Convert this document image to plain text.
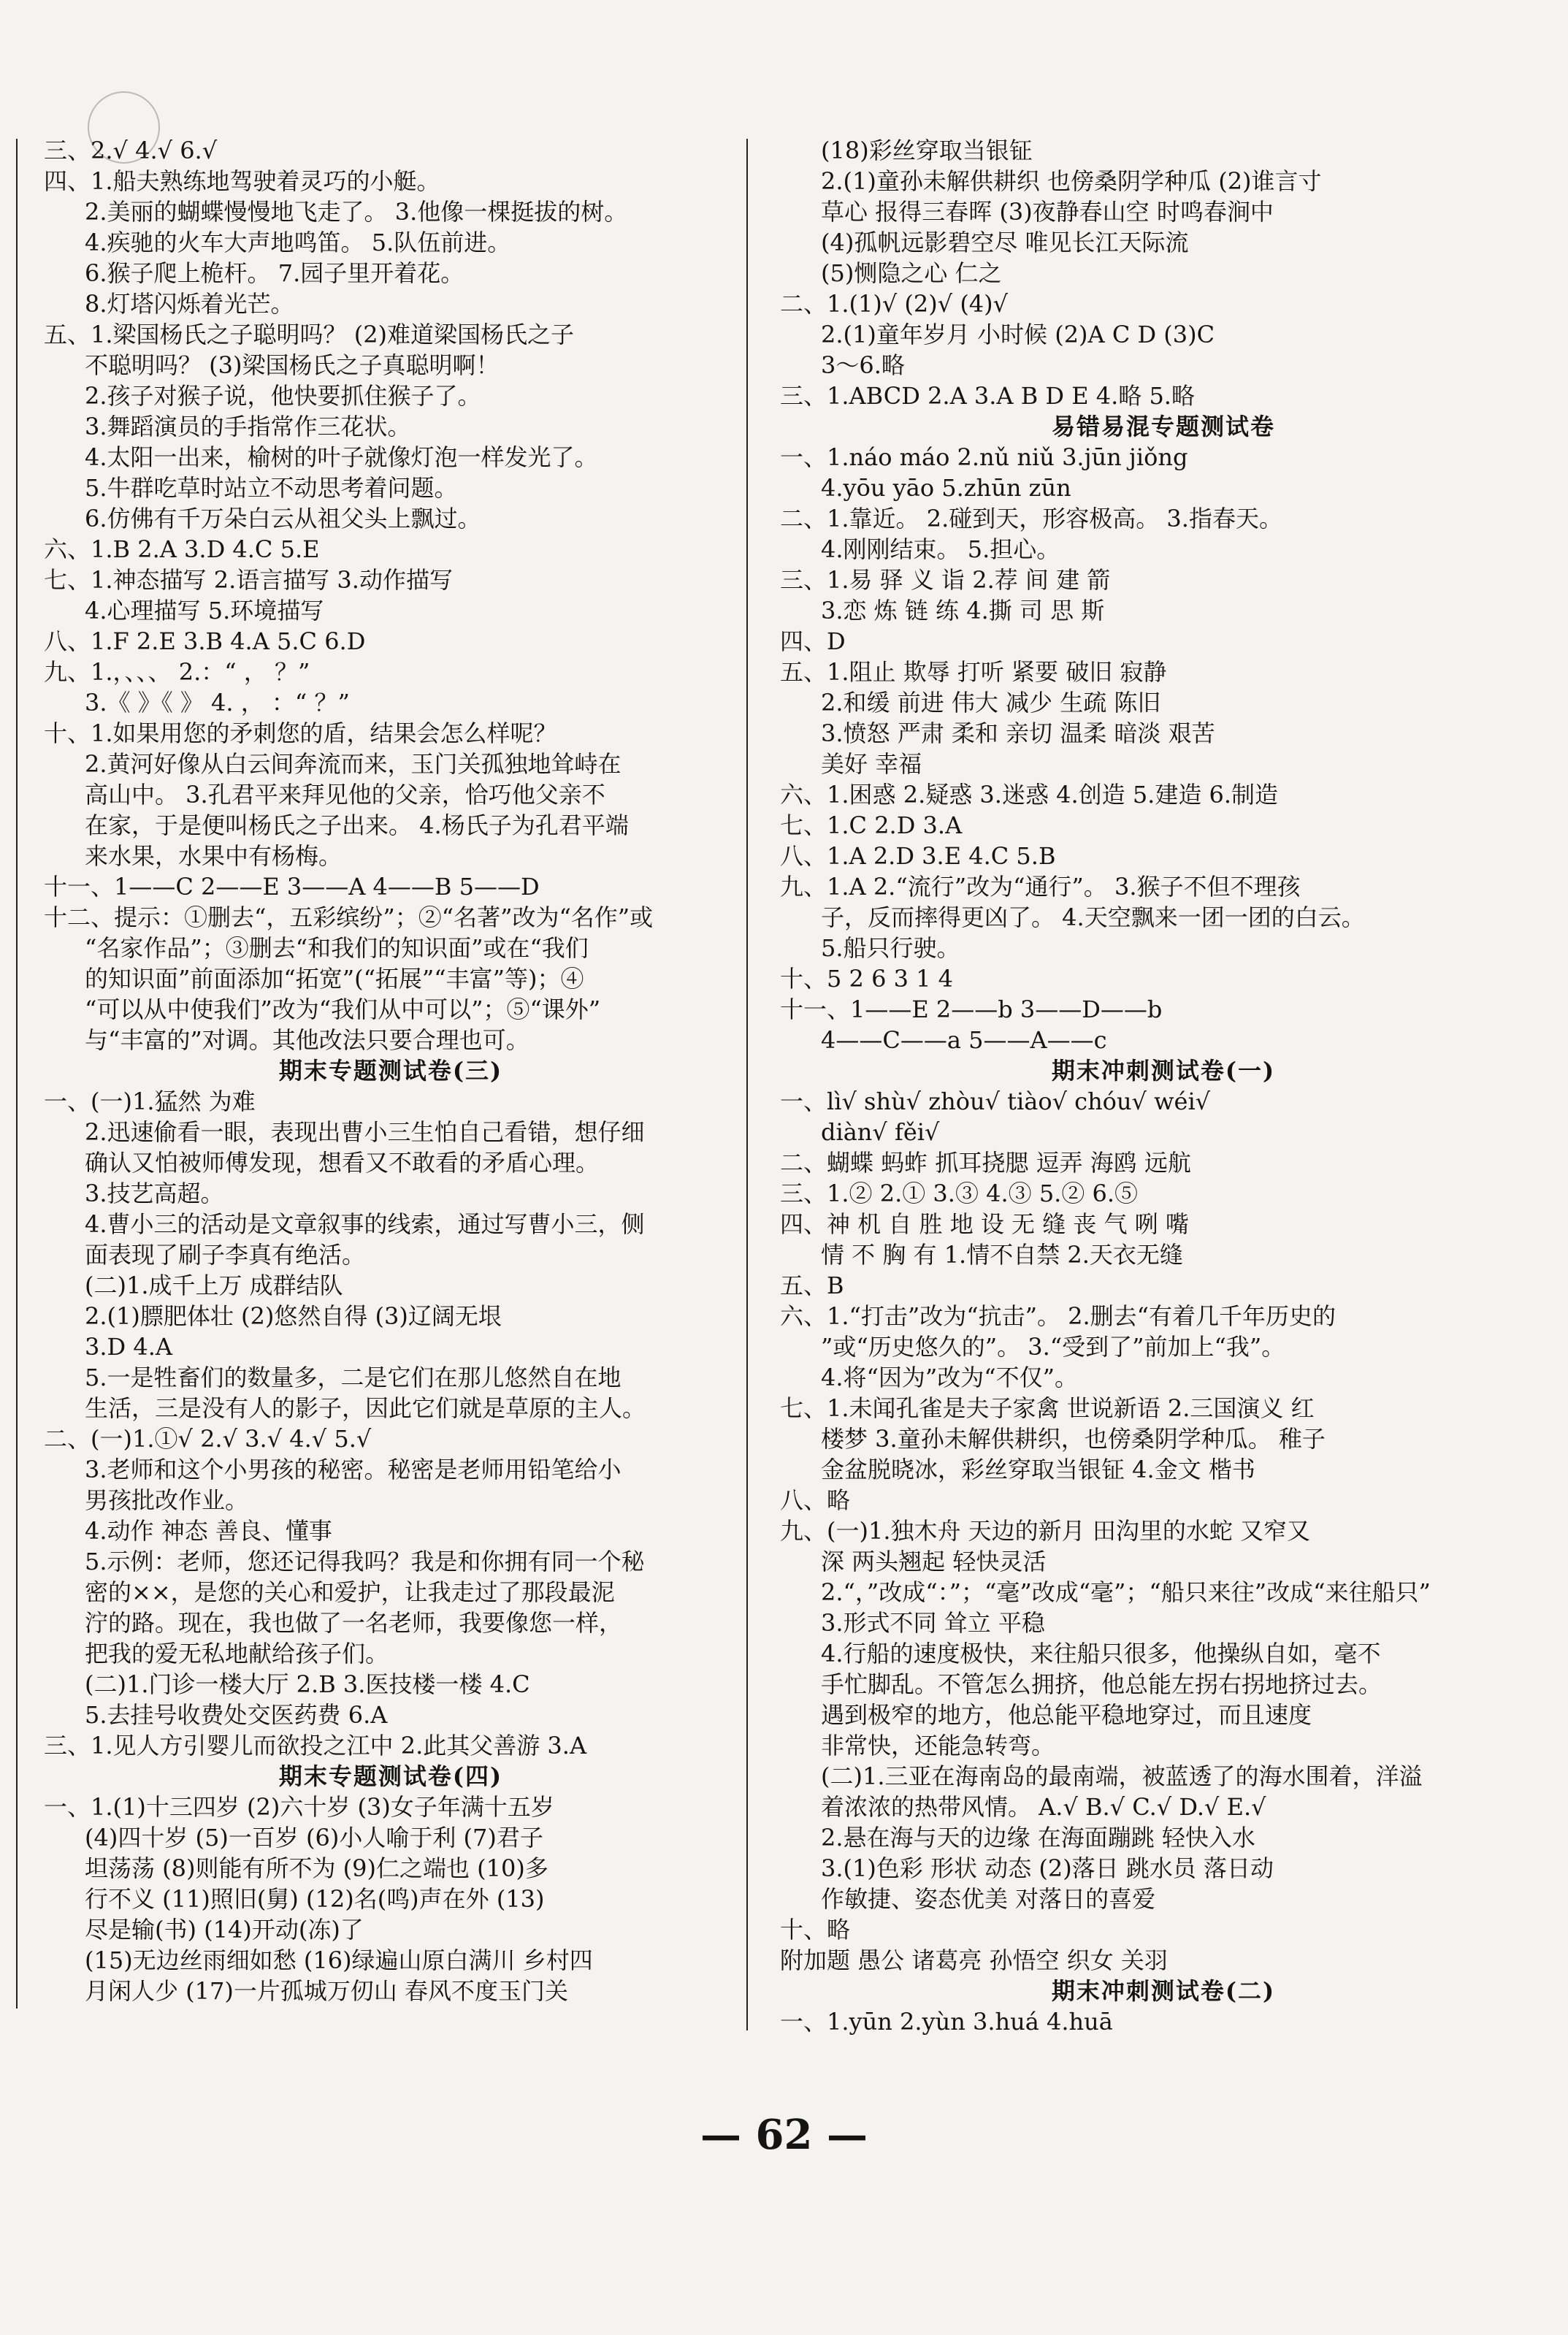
三、2.√ 4.√ 6.√
四、1.船夫熟练地驾驶着灵巧的小艇。
2.美丽的蝴蝶慢慢地飞走了。 3.他像一棵挺拔的树。
4.疾驰的火车大声地鸣笛。 5.队伍前进。
6.猴子爬上桅杆。 7.园子里开着花。
8.灯塔闪烁着光芒。
五、1.梁国杨氏之子聪明吗？ (2)难道梁国杨氏之子
不聪明吗？ (3)梁国杨氏之子真聪明啊！
2.孩子对猴子说，他快要抓住猴子了。
3.舞蹈演员的手指常作三花状。
4.太阳一出来，榆树的叶子就像灯泡一样发光了。
5.牛群吃草时站立不动思考着问题。
6.仿佛有千万朵白云从祖父头上飘过。
六、1.B 2.A 3.D 4.C 5.E
七、1.神态描写 2.语言描写 3.动作描写
4.心理描写 5.环境描写
八、1.F 2.E 3.B 4.A 5.C 6.D
九、1.，、、、 2.：“ ， ？”
3.《 》《 》 4. ， ：“ ？”
十、1.如果用您的矛刺您的盾，结果会怎么样呢？
2.黄河好像从白云间奔流而来，玉门关孤独地耸峙在
高山中。 3.孔君平来拜见他的父亲，恰巧他父亲不
在家，于是便叫杨氏之子出来。 4.杨氏子为孔君平端
来水果，水果中有杨梅。
十一、1——C 2——E 3——A 4——B 5——D
十二、提示：①删去“，五彩缤纷”；②“名著”改为“名作”或
“名家作品”；③删去“和我们的知识面”或在“我们
的知识面”前面添加“拓宽”(“拓展”“丰富”等)；④
“可以从中使我们”改为“我们从中可以”；⑤“课外”
与“丰富的”对调。其他改法只要合理也可。
期末专题测试卷(三)
一、(一)1.猛然 为难
2.迅速偷看一眼，表现出曹小三生怕自己看错，想仔细
确认又怕被师傅发现，想看又不敢看的矛盾心理。
3.技艺高超。
4.曹小三的活动是文章叙事的线索，通过写曹小三，侧
面表现了刷子李真有绝活。
(二)1.成千上万 成群结队
2.(1)膘肥体壮 (2)悠然自得 (3)辽阔无垠
3.D 4.A
5.一是牲畜们的数量多，二是它们在那儿悠然自在地
生活，三是没有人的影子，因此它们就是草原的主人。
二、(一)1.①√ 2.√ 3.√ 4.√ 5.√
3.老师和这个小男孩的秘密。秘密是老师用铅笔给小
男孩批改作业。
4.动作 神态 善良、懂事
5.示例：老师，您还记得我吗？我是和你拥有同一个秘
密的××，是您的关心和爱护，让我走过了那段最泥
泞的路。现在，我也做了一名老师，我要像您一样，
把我的爱无私地献给孩子们。
(二)1.门诊一楼大厅 2.B 3.医技楼一楼 4.C
5.去挂号收费处交医药费 6.A
三、1.见人方引婴儿而欲投之江中 2.此其父善游 3.A
期末专题测试卷(四)
一、1.(1)十三四岁 (2)六十岁 (3)女子年满十五岁
(4)四十岁 (5)一百岁 (6)小人喻于利 (7)君子
坦荡荡 (8)则能有所不为 (9)仁之端也 (10)多
行不义 (11)照旧(舅) (12)名(鸣)声在外 (13)
尽是输(书) (14)开动(冻)了
(15)无边丝雨细如愁 (16)绿遍山原白满川 乡村四
月闲人少 (17)一片孤城万仞山 春风不度玉门关
(18)彩丝穿取当银钲
2.(1)童孙未解供耕织 也傍桑阴学种瓜 (2)谁言寸
草心 报得三春晖 (3)夜静春山空 时鸣春涧中
(4)孤帆远影碧空尽 唯见长江天际流
(5)恻隐之心 仁之
二、1.(1)√ (2)√ (4)√
2.(1)童年岁月 小时候 (2)A C D (3)C
3～6.略
三、1.ABCD 2.A 3.A B D E 4.略 5.略
易错易混专题测试卷
一、1.náo máo 2.nǔ niǔ 3.jūn jiǒng
4.yōu yāo 5.zhūn zūn
二、1.靠近。 2.碰到天，形容极高。 3.指春天。
4.刚刚结束。 5.担心。
三、1.易 驿 义 诣 2.荐 间 建 箭
3.恋 炼 链 练 4.撕 司 思 斯
四、D
五、1.阻止 欺辱 打听 紧要 破旧 寂静
2.和缓 前进 伟大 减少 生疏 陈旧
3.愤怒 严肃 柔和 亲切 温柔 暗淡 艰苦
美好 幸福
六、1.困惑 2.疑惑 3.迷惑 4.创造 5.建造 6.制造
七、1.C 2.D 3.A
八、1.A 2.D 3.E 4.C 5.B
九、1.A 2.“流行”改为“通行”。 3.猴子不但不理孩
子，反而摔得更凶了。 4.天空飘来一团一团的白云。
5.船只行驶。
十、5 2 6 3 1 4
十一、1——E 2——b 3——D——b
4——C——a 5——A——c
期末冲刺测试卷(一)
一、lì√ shù√ zhòu√ tiào√ chóu√ wéi√
diàn√ fěi√
二、蝴蝶 蚂蚱 抓耳挠腮 逗弄 海鸥 远航
三、1.② 2.① 3.③ 4.③ 5.② 6.⑤
四、神 机 自 胜 地 设 无 缝 丧 气 咧 嘴
情 不 胸 有 1.情不自禁 2.天衣无缝
五、B
六、1.“打击”改为“抗击”。 2.删去“有着几千年历史的
”或“历史悠久的”。 3.“受到了”前加上“我”。
4.将“因为”改为“不仅”。
七、1.未闻孔雀是夫子家禽 世说新语 2.三国演义 红
楼梦 3.童孙未解供耕织，也傍桑阴学种瓜。 稚子
金盆脱晓冰，彩丝穿取当银钲 4.金文 楷书
八、略
九、(一)1.独木舟 天边的新月 田沟里的水蛇 又窄又
深 两头翘起 轻快灵活
2.“，”改成“：”；“毫”改成“毫”；“船只来往”改成“来往船只”
3.形式不同 耸立 平稳
4.行船的速度极快，来往船只很多，他操纵自如，毫不
手忙脚乱。不管怎么拥挤，他总能左拐右拐地挤过去。
遇到极窄的地方，他总能平稳地穿过，而且速度
非常快，还能急转弯。
(二)1.三亚在海南岛的最南端，被蓝透了的海水围着，洋溢
着浓浓的热带风情。 A.√ B.√ C.√ D.√ E.√
2.悬在海与天的边缘 在海面蹦跳 轻快入水
3.(1)色彩 形状 动态 (2)落日 跳水员 落日动
作敏捷、姿态优美 对落日的喜爱
十、略
附加题 愚公 诸葛亮 孙悟空 织女 关羽
期末冲刺测试卷(二)
一、1.yūn 2.yùn 3.huá 4.huā
— 62 —
